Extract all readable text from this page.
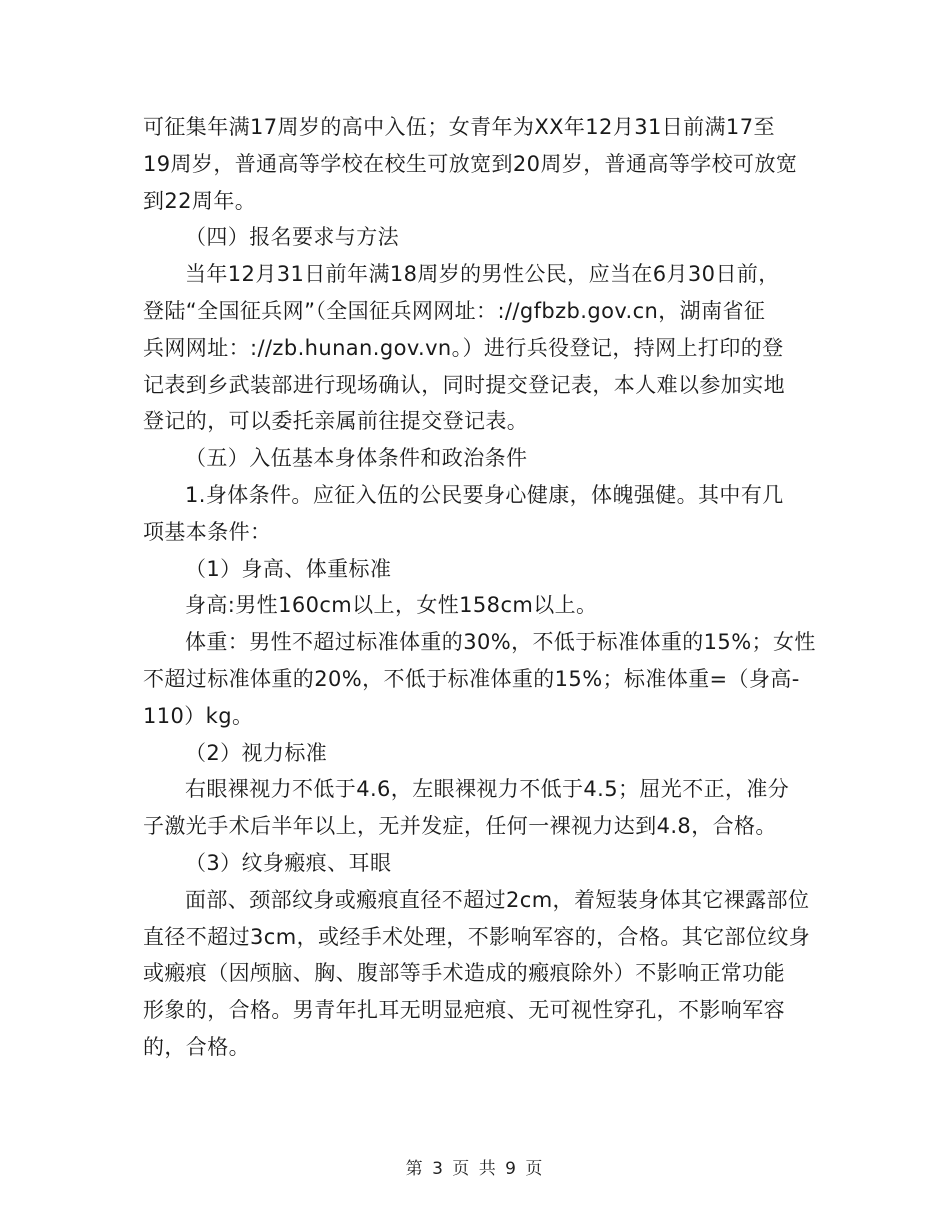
可征集年满17周岁的高中入伍；女青年为XX年12月31日前满17至
19周岁，普通高等学校在校生可放宽到20周岁，普通高等学校可放宽
到22周年。
（四）报名要求与方法
当年12月31日前年满18周岁的男性公民，应当在6月30日前，
登陆“全国征兵网”（全国征兵网网址：://gfbzb.gov.cn，湖南省征
兵网网址：://zb.hunan.gov.vn。）进行兵役登记，持网上打印的登
记表到乡武装部进行现场确认，同时提交登记表，本人难以参加实地
登记的，可以委托亲属前往提交登记表。
（五）入伍基本身体条件和政治条件
1.身体条件。应征入伍的公民要身心健康，体魄强健。其中有几
项基本条件：
（1）身高、体重标准
身高:男性160cm以上，女性158cm以上。
体重：男性不超过标准体重的30%，不低于标准体重的15%；女性
不超过标准体重的20%，不低于标准体重的15%；标准体重=（身高-
110）kg。
（2）视力标准
右眼裸视力不低于4.6，左眼裸视力不低于4.5；屈光不正，准分
子激光手术后半年以上，无并发症，任何一裸视力达到4.8，合格。
（3）纹身瘢痕、耳眼
面部、颈部纹身或瘢痕直径不超过2cm，着短装身体其它裸露部位
直径不超过3cm，或经手术处理，不影响军容的，合格。其它部位纹身
或瘢痕（因颅脑、胸、腹部等手术造成的瘢痕除外）不影响正常功能
形象的，合格。男青年扎耳无明显疤痕、无可视性穿孔，不影响军容
的，合格。
第 3 页 共 9 页
